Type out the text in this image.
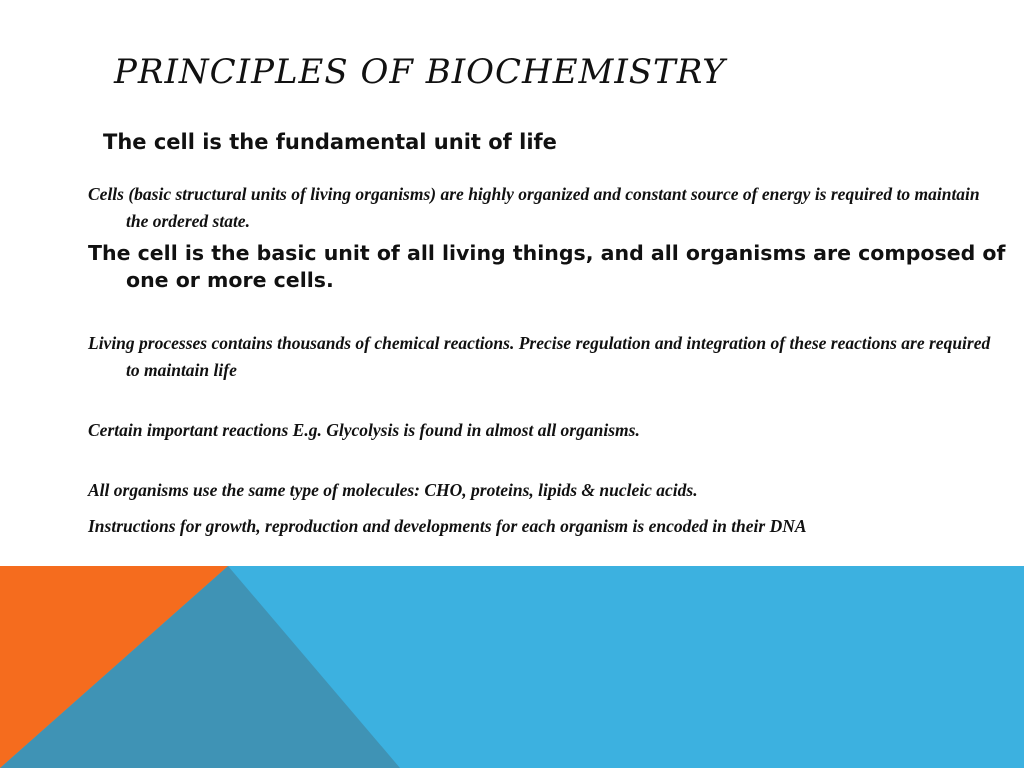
PRINCIPLES OF BIOCHEMISTRY
The cell is the fundamental unit of life

Cells (basic structural units of living organisms) are highly organized and constant source of energy is required to maintain the ordered state.

The cell is the basic unit of all living things, and all organisms are composed of one or more cells.

Living processes contains thousands of chemical reactions. Precise regulation and integration of these reactions are required to maintain life

Certain important reactions E.g. Glycolysis is found in almost all organisms.

All organisms use the same type of molecules: CHO, proteins, lipids & nucleic acids.

Instructions for growth, reproduction and developments for each organism is encoded in their DNA
